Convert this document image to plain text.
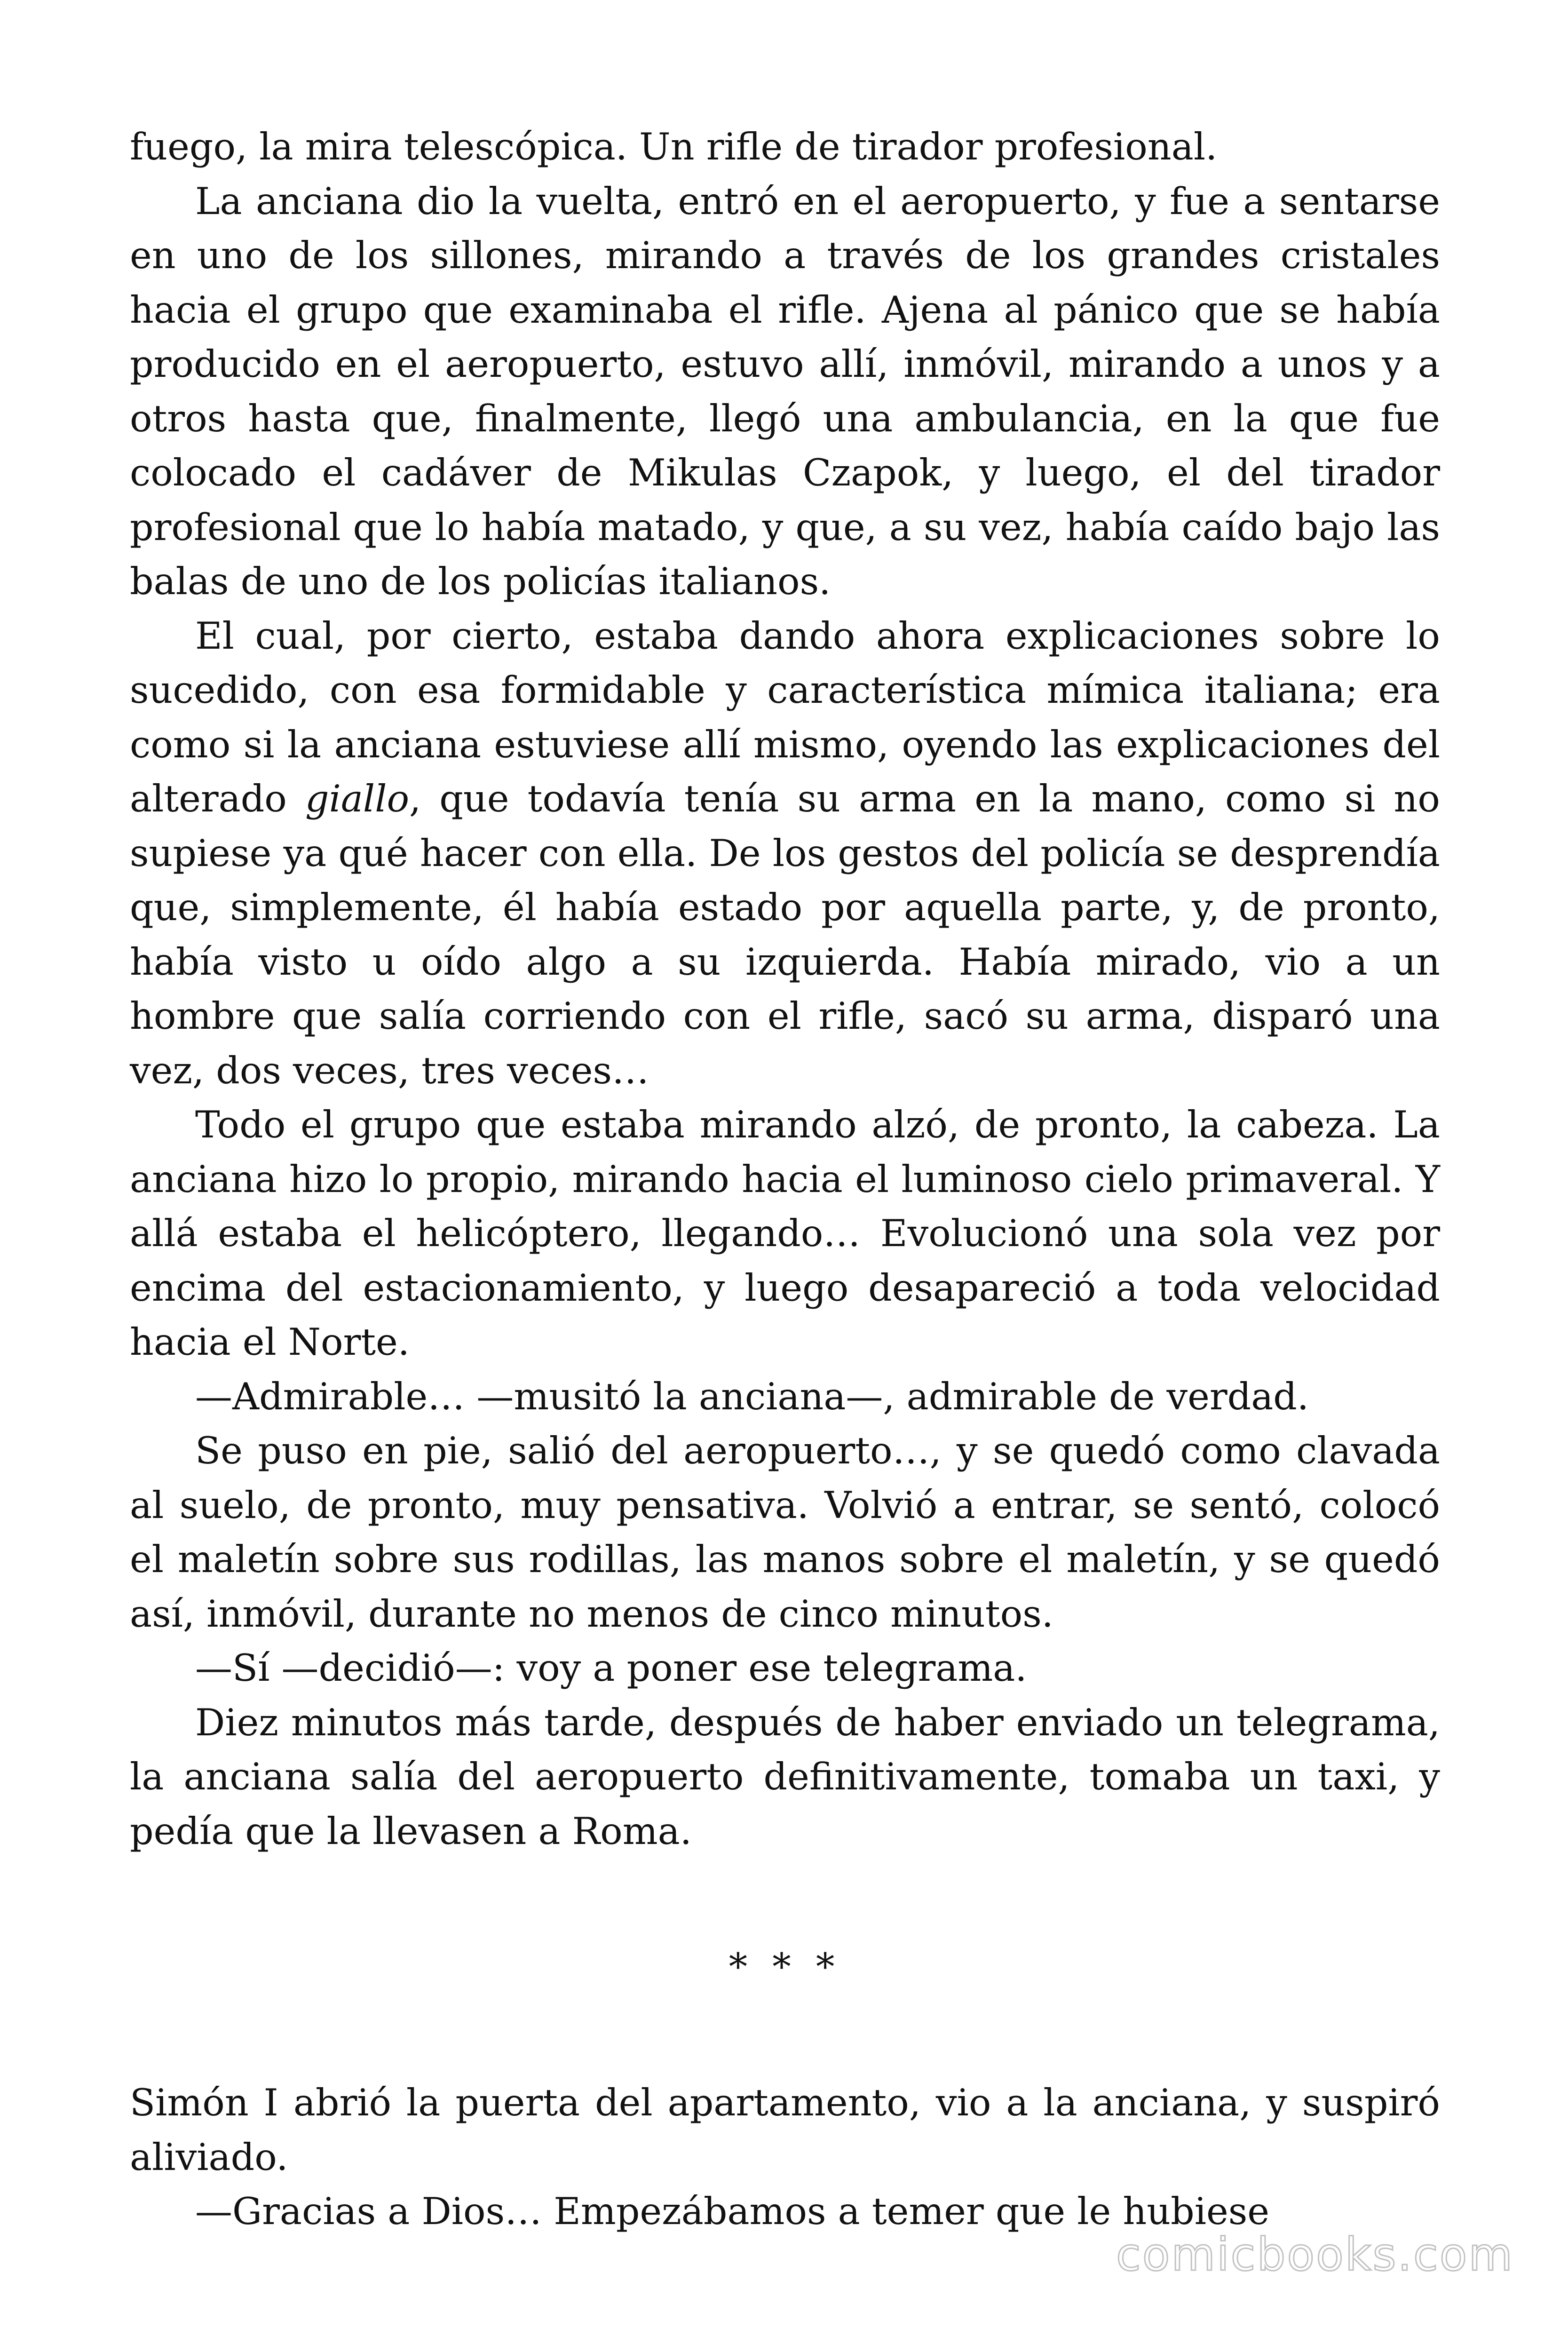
fuego, la mira telescópica. Un rifle de tirador profesional.

La anciana dio la vuelta, entró en el aeropuerto, y fue a sentarse en uno de los sillones, mirando a través de los grandes cristales hacia el grupo que examinaba el rifle. Ajena al pánico que se había producido en el aeropuerto, estuvo allí, inmóvil, mirando a unos y a otros hasta que, finalmente, llegó una ambulancia, en la que fue colocado el cadáver de Mikulas Czapok, y luego, el del tirador profesional que lo había matado, y que, a su vez, había caído bajo las balas de uno de los policías italianos.

El cual, por cierto, estaba dando ahora explicaciones sobre lo sucedido, con esa formidable y característica mímica italiana; era como si la anciana estuviese allí mismo, oyendo las explicaciones del alterado giallo, que todavía tenía su arma en la mano, como si no supiese ya qué hacer con ella. De los gestos del policía se desprendía que, simplemente, él había estado por aquella parte, y, de pronto, había visto u oído algo a su izquierda. Había mirado, vio a un hombre que salía corriendo con el rifle, sacó su arma, disparó una vez, dos veces, tres veces…

Todo el grupo que estaba mirando alzó, de pronto, la cabeza. La anciana hizo lo propio, mirando hacia el luminoso cielo primaveral. Y allá estaba el helicóptero, llegando… Evolucionó una sola vez por encima del estacionamiento, y luego desapareció a toda velocidad hacia el Norte.

—Admirable… —musitó la anciana—, admirable de verdad.

Se puso en pie, salió del aeropuerto…, y se quedó como clavada al suelo, de pronto, muy pensativa. Volvió a entrar, se sentó, colocó el maletín sobre sus rodillas, las manos sobre el maletín, y se quedó así, inmóvil, durante no menos de cinco minutos.

—Sí —decidió—: voy a poner ese telegrama.

Diez minutos más tarde, después de haber enviado un telegrama, la anciana salía del aeropuerto definitivamente, tomaba un taxi, y pedía que la llevasen a Roma.

* * *

Simón I abrió la puerta del apartamento, vio a la anciana, y suspiró aliviado.

—Gracias a Dios… Empezábamos a temer que le hubiese

comicbooks.com
